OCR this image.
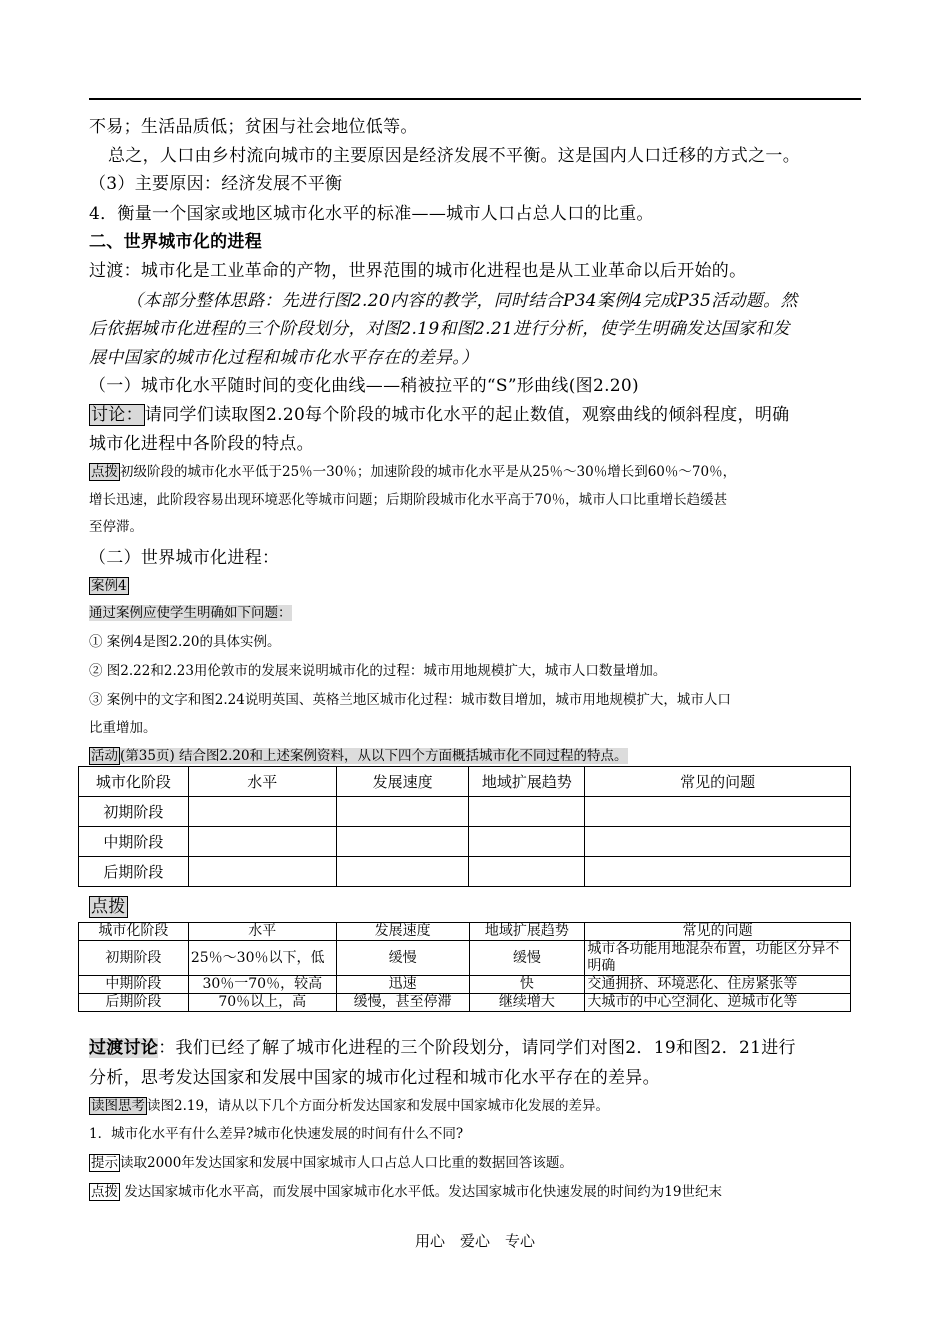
不易；生活品质低；贫困与社会地位低等。
总之，人口由乡村流向城市的主要原因是经济发展不平衡。这是国内人口迁移的方式之一。
（3）主要原因：经济发展不平衡
4．衡量一个国家或地区城市化水平的标准——城市人口占总人口的比重。
二、世界城市化的进程
过渡：城市化是工业革命的产物，世界范围的城市化进程也是从工业革命以后开始的。
（本部分整体思路：先进行图2.20内容的教学，同时结合P34案例4完成P35活动题。然
后依据城市化进程的三个阶段划分，对图2.19和图2.21进行分析，使学生明确发达国家和发
展中国家的城市化过程和城市化水平存在的差异。）
（一）城市化水平随时间的变化曲线——稍被拉平的“S”形曲线(图2.20)
讨论： 请同学们读取图2.20每个阶段的城市化水平的起止数值，观察曲线的倾斜程度，明确
城市化进程中各阶段的特点。
点拨 初级阶段的城市化水平低于25％一30％；加速阶段的城市化水平是从25％～30％增长到60％～70％，
增长迅速，此阶段容易出现环境恶化等城市问题；后期阶段城市化水平高于70％，城市人口比重增长趋缓甚
至停滞。
（二）世界城市化进程：
案例4
通过案例应使学生明确如下问题：
① 案例4是图2.20的具体实例。
② 图2.22和2.23用伦敦市的发展来说明城市化的过程：城市用地规模扩大，城市人口数量增加。
③ 案例中的文字和图2.24说明英国、英格兰地区城市化过程：城市数目增加，城市用地规模扩大，城市人口
比重增加。
活动 (第35页) 结合图2.20和上述案例资料，从以下四个方面概括城市化不同过程的特点。
城市化阶段	水平	发展速度	地域扩展趋势	常见的问题
初期阶段				
中期阶段				
后期阶段				
点拨
城市化阶段	水平	发展速度	地域扩展趋势	常见的问题
初期阶段	25％～30％以下，低	缓慢	缓慢	城市各功能用地混杂布置，功能区分异不明确
中期阶段	30％一70％，较高	迅速	快	交通拥挤、环境恶化、住房紧张等
后期阶段	70％以上，高	缓慢，甚至停滞	继续增大	大城市的中心空洞化、逆城市化等
过渡讨论：我们已经了解了城市化进程的三个阶段划分，请同学们对图2．19和图2．21进行
分析，思考发达国家和发展中国家的城市化过程和城市化水平存在的差异。
读图思考 读图2.19，请从以下几个方面分析发达国家和发展中国家城市化发展的差异。
1．城市化水平有什么差异?城市化快速发展的时间有什么不同?
提示 读取2000年发达国家和发展中国家城市人口占总人口比重的数据回答该题。
点拨 发达国家城市化水平高，而发展中国家城市化水平低。发达国家城市化快速发展的时间约为19世纪末
用心　爱心　专心
